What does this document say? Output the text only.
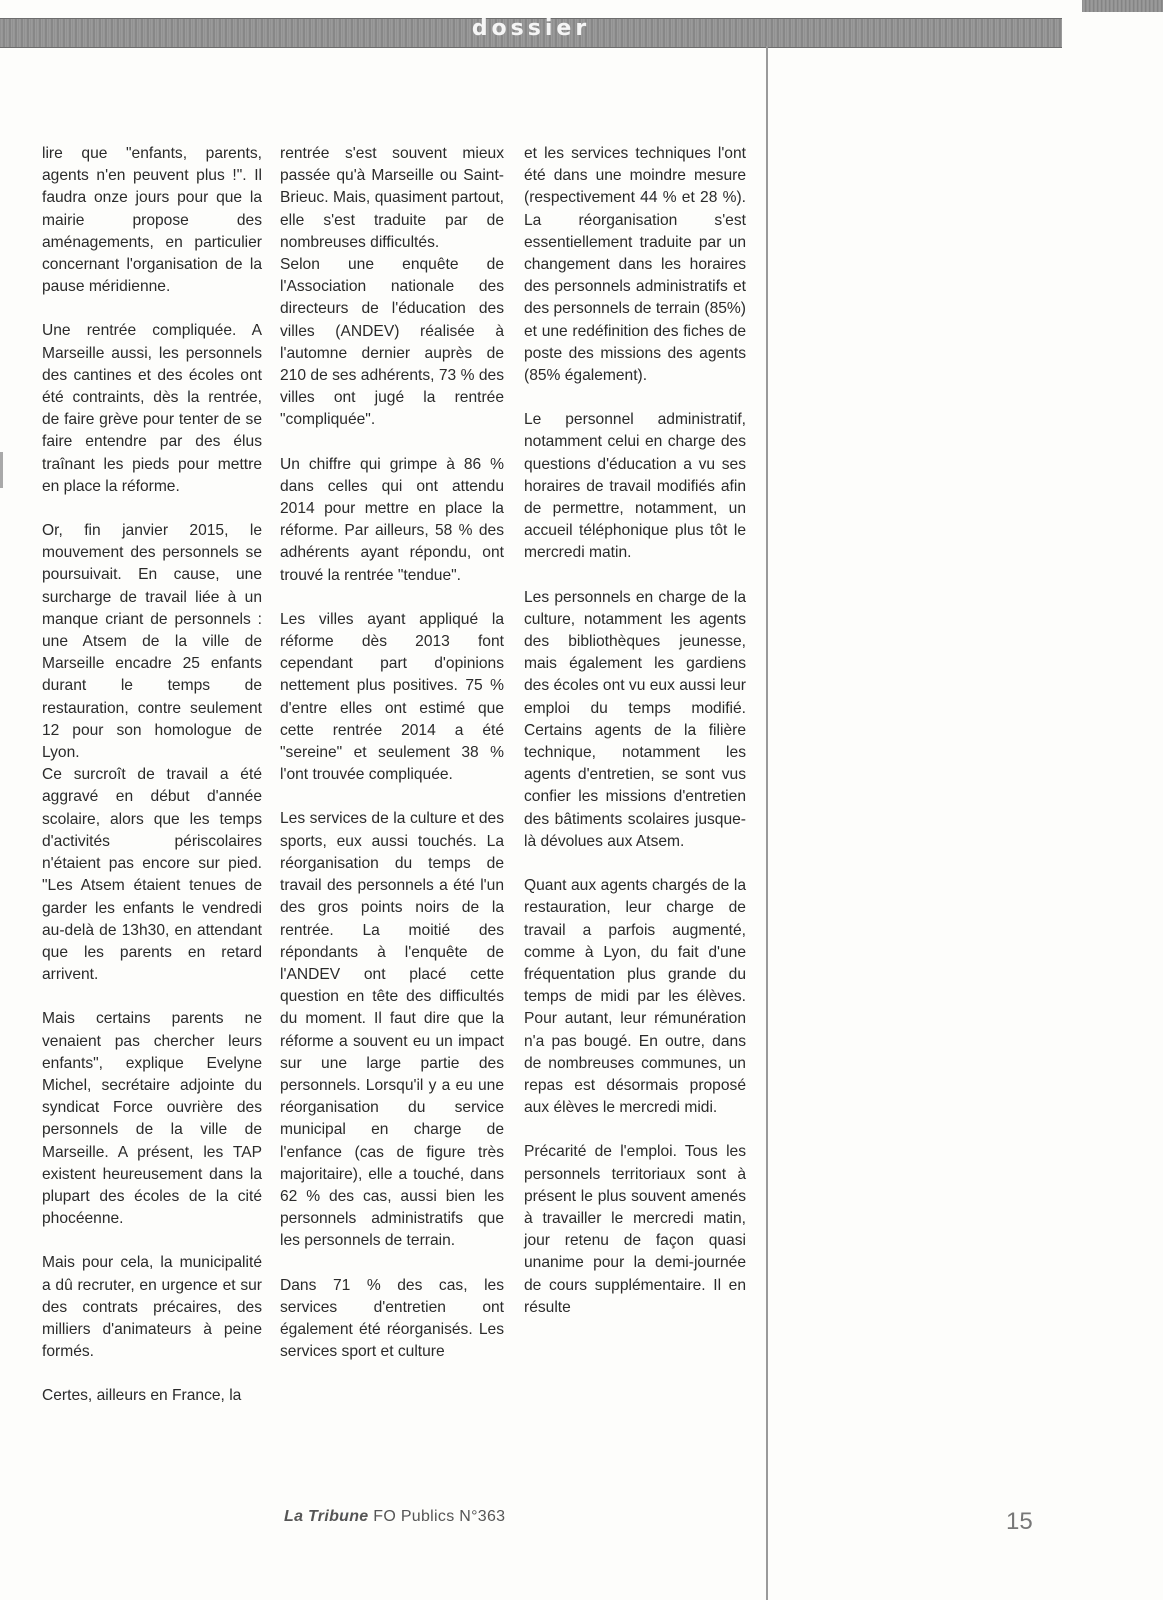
dossier

lire que "enfants, parents, agents n'en peuvent plus !". Il faudra onze jours pour que la mairie propose des aménagements, en particulier concernant l'organisation de la pause méridienne.

Une rentrée compliquée. A Marseille aussi, les personnels des cantines et des écoles ont été contraints, dès la rentrée, de faire grève pour tenter de se faire entendre par des élus traînant les pieds pour mettre en place la réforme.

Or, fin janvier 2015, le mouvement des personnels se poursuivait. En cause, une surcharge de travail liée à un manque criant de personnels : une Atsem de la ville de Marseille encadre 25 enfants durant le temps de restauration, contre seulement 12 pour son homologue de Lyon.

Ce surcroît de travail a été aggravé en début d'année scolaire, alors que les temps d'activités périscolaires n'étaient pas encore sur pied. "Les Atsem étaient tenues de garder les enfants le vendredi au-delà de 13h30, en attendant que les parents en retard arrivent.

Mais certains parents ne venaient pas chercher leurs enfants", explique Evelyne Michel, secrétaire adjointe du syndicat Force ouvrière des personnels de la ville de Marseille. A présent, les TAP existent heureusement dans la plupart des écoles de la cité phocéenne.

Mais pour cela, la municipalité a dû recruter, en urgence et sur des contrats précaires, des milliers d'animateurs à peine formés.

Certes, ailleurs en France, la

rentrée s'est souvent mieux passée qu'à Marseille ou Saint-Brieuc. Mais, quasiment partout, elle s'est traduite par de nombreuses difficultés.

Selon une enquête de l'Association nationale des directeurs de l'éducation des villes (ANDEV) réalisée à l'automne dernier auprès de 210 de ses adhérents, 73 % des villes ont jugé la rentrée "compliquée".

Un chiffre qui grimpe à 86 % dans celles qui ont attendu 2014 pour mettre en place la réforme. Par ailleurs, 58 % des adhérents ayant répondu, ont trouvé la rentrée "tendue".

Les villes ayant appliqué la réforme dès 2013 font cependant part d'opinions nettement plus positives. 75 % d'entre elles ont estimé que cette rentrée 2014 a été "sereine" et seulement 38 % l'ont trouvée compliquée.

Les services de la culture et des sports, eux aussi touchés. La réorganisation du temps de travail des personnels a été l'un des gros points noirs de la rentrée. La moitié des répondants à l'enquête de l'ANDEV ont placé cette question en tête des difficultés du moment. Il faut dire que la réforme a souvent eu un impact sur une large partie des personnels. Lorsqu'il y a eu une réorganisation du service municipal en charge de l'enfance (cas de figure très majoritaire), elle a touché, dans 62 % des cas, aussi bien les personnels administratifs que les personnels de terrain.

Dans 71 % des cas, les services d'entretien ont également été réorganisés. Les services sport et culture

et les services techniques l'ont été dans une moindre mesure (respectivement 44 % et 28 %). La réorganisation s'est essentiellement traduite par un changement dans les horaires des personnels administratifs et des personnels de terrain (85%) et une redéfinition des fiches de poste des missions des agents (85% également).

Le personnel administratif, notamment celui en charge des questions d'éducation a vu ses horaires de travail modifiés afin de permettre, notamment, un accueil téléphonique plus tôt le mercredi matin.

Les personnels en charge de la culture, notamment les agents des bibliothèques jeunesse, mais également les gardiens des écoles ont vu eux aussi leur emploi du temps modifié. Certains agents de la filière technique, notamment les agents d'entretien, se sont vus confier les missions d'entretien des bâtiments scolaires jusque-là dévolues aux Atsem.

Quant aux agents chargés de la restauration, leur charge de travail a parfois augmenté, comme à Lyon, du fait d'une fréquentation plus grande du temps de midi par les élèves. Pour autant, leur rémunération n'a pas bougé. En outre, dans de nombreuses communes, un repas est désormais proposé aux élèves le mercredi midi.

Précarité de l'emploi. Tous les personnels territoriaux sont à présent le plus souvent amenés à travailler le mercredi matin, jour retenu de façon quasi unanime pour la demi-journée de cours supplémentaire. Il en résulte

La Tribune FO Publics N°363	15
